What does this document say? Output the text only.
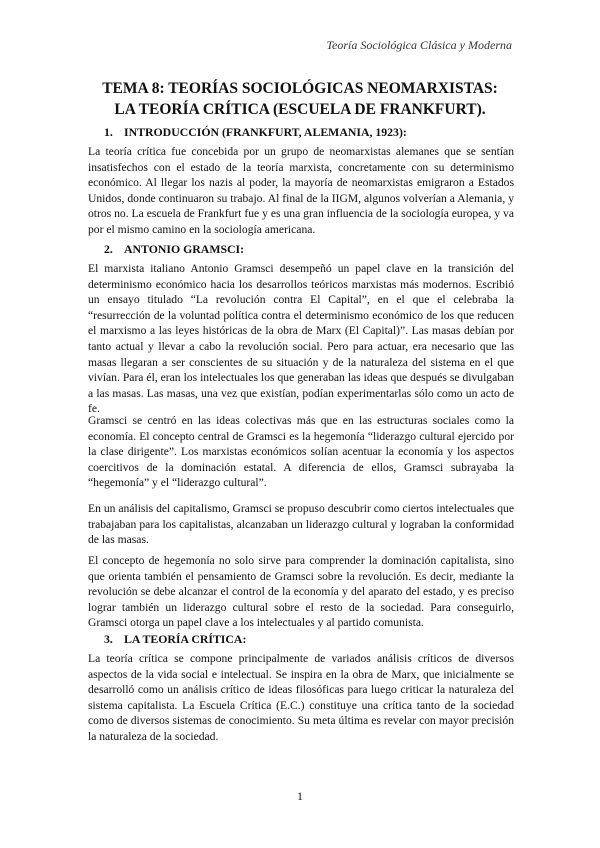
Teoría Sociológica Clásica y Moderna
TEMA 8: TEORÍAS SOCIOLÓGICAS NEOMARXISTAS:
LA TEORÍA CRÍTICA (ESCUELA DE FRANKFURT).
1. INTRODUCCIÓN (FRANKFURT, ALEMANIA, 1923):

La teoría crítica fue concebida por un grupo de neomarxistas alemanes que se sentían insatisfechos con el estado de la teoría marxista, concretamente con su determinismo económico. Al llegar los nazis al poder, la mayoría de neomarxistas emigraron a Estados Unidos, donde continuaron su trabajo. Al final de la IIGM, algunos volverían a Alemania, y otros no. La escuela de Frankfurt fue y es una gran influencia de la sociología europea, y va por el mismo camino en la sociología americana.

2. ANTONIO GRAMSCI:

El marxista italiano Antonio Gramsci desempeñó un papel clave en la transición del determinismo económico hacia los desarrollos teóricos marxistas más modernos. Escribió un ensayo titulado “La revolución contra El Capital”, en el que el celebraba la “resurrección de la voluntad política contra el determinismo económico de los que reducen el marxismo a las leyes históricas de la obra de Marx (El Capital)”. Las masas debían por tanto actual y llevar a cabo la revolución social. Pero para actuar, era necesario que las masas llegaran a ser conscientes de su situación y de la naturaleza del sistema en el que vivían. Para él, eran los intelectuales los que generaban las ideas que después se divulgaban a las masas. Las masas, una vez que existían, podían experimentarlas sólo como un acto de fe.

Gramsci se centró en las ideas colectivas más que en las estructuras sociales como la economía. El concepto central de Gramsci es la hegemonía “liderazgo cultural ejercido por la clase dirigente”. Los marxistas económicos solían acentuar la economía y los aspectos coercitivos de la dominación estatal. A diferencia de ellos, Gramsci subrayaba la “hegemonía” y el “liderazgo cultural”.

En un análisis del capitalismo, Gramsci se propuso descubrir como ciertos intelectuales que trabajaban para los capitalistas, alcanzaban un liderazgo cultural y lograban la conformidad de las masas.

El concepto de hegemonía no solo sirve para comprender la dominación capitalista, sino que orienta también el pensamiento de Gramsci sobre la revolución. Es decir, mediante la revolución se debe alcanzar el control de la economía y del aparato del estado, y es preciso lograr también un liderazgo cultural sobre el resto de la sociedad. Para conseguirlo, Gramsci otorga un papel clave a los intelectuales y al partido comunista.

3. LA TEORÍA CRÍTICA:

La teoría crítica se compone principalmente de variados análisis críticos de diversos aspectos de la vida social e intelectual. Se inspira en la obra de Marx, que inicialmente se desarrolló como un análisis crítico de ideas filosóficas para luego criticar la naturaleza del sistema capitalista. La Escuela Crítica (E.C.) constituye una crítica tanto de la sociedad como de diversos sistemas de conocimiento. Su meta última es revelar con mayor precisión la naturaleza de la sociedad.

1
